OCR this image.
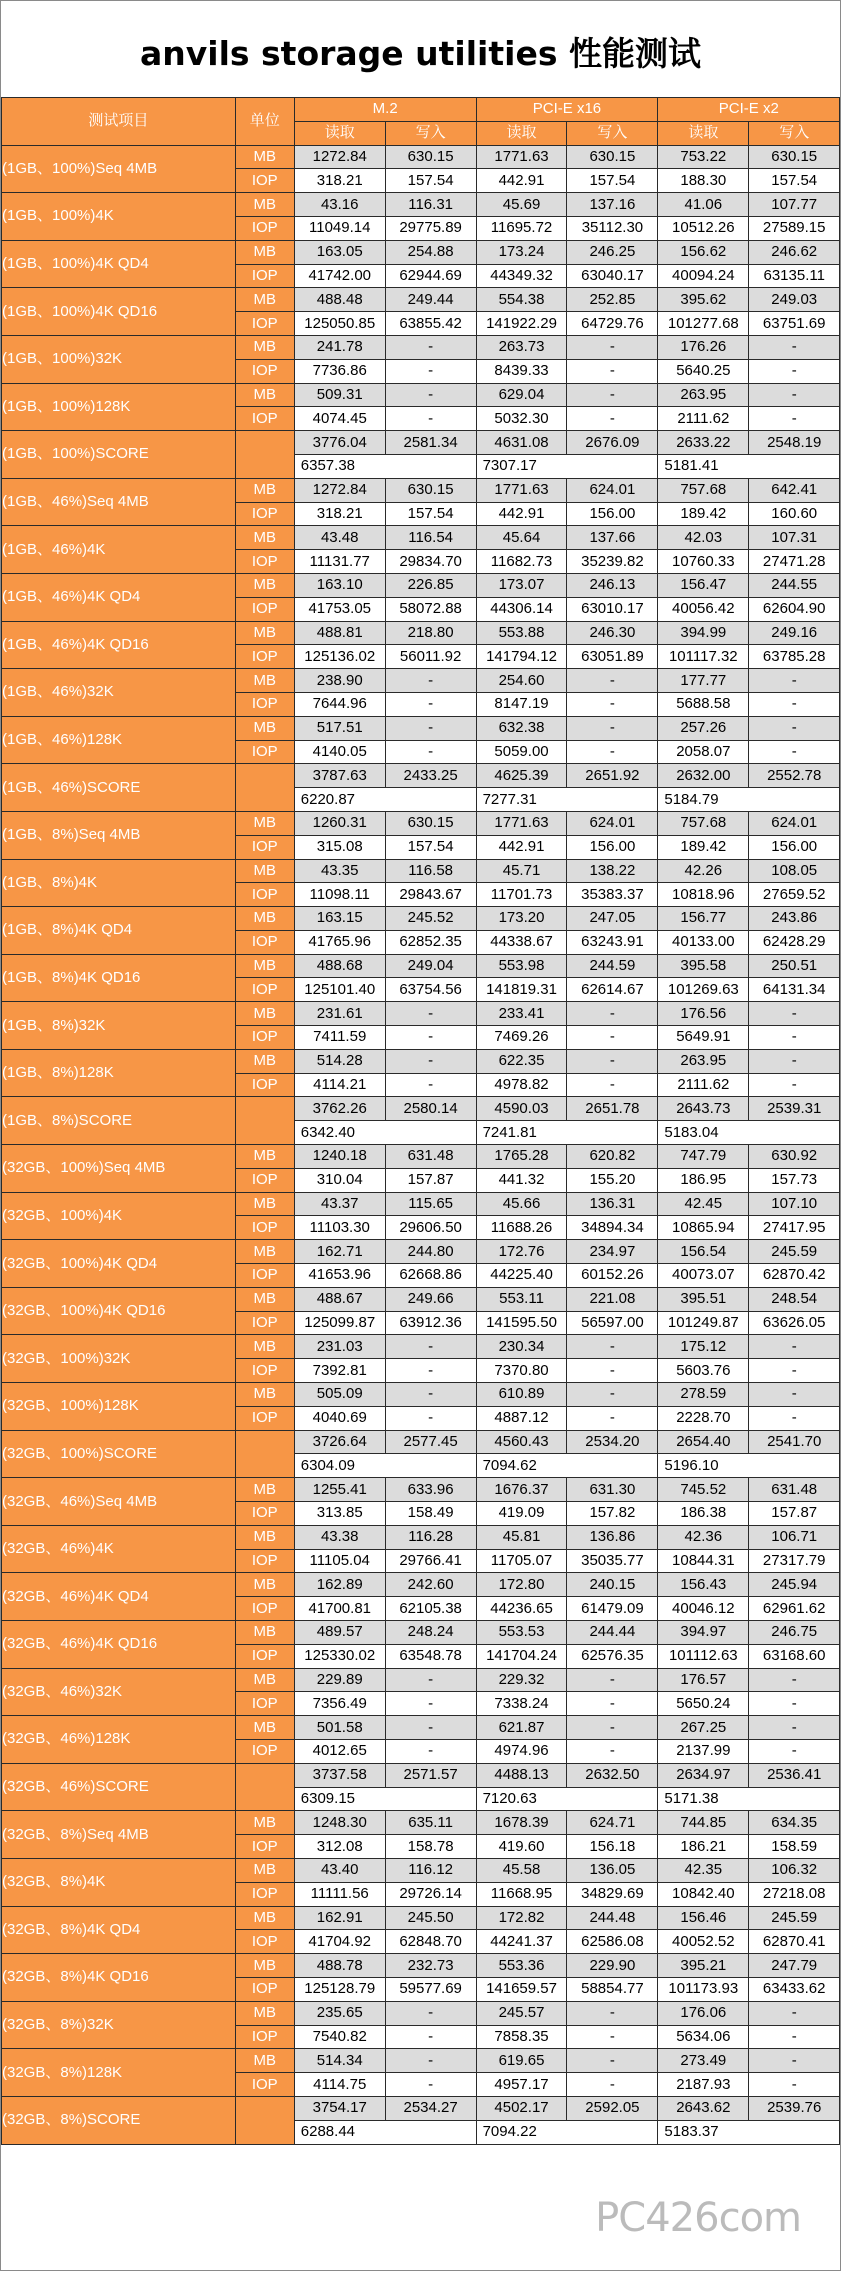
anvils storage utilities 性能测试
测试项目	单位	M.2		PCI-E x16		PCI-E x2	
		读取	写入	读取	写入	读取	写入
(1GB、100%)Seq 4MB	MB	1272.84	630.15	1771.63	630.15	753.22	630.15
	IOP	318.21	157.54	442.91	157.54	188.30	157.54
(1GB、100%)4K	MB	43.16	116.31	45.69	137.16	41.06	107.77
	IOP	11049.14	29775.89	11695.72	35112.30	10512.26	27589.15
(1GB、100%)4K QD4	MB	163.05	254.88	173.24	246.25	156.62	246.62
	IOP	41742.00	62944.69	44349.32	63040.17	40094.24	63135.11
(1GB、100%)4K QD16	MB	488.48	249.44	554.38	252.85	395.62	249.03
	IOP	125050.85	63855.42	141922.29	64729.76	101277.68	63751.69
(1GB、100%)32K	MB	241.78	-	263.73	-	176.26	-
	IOP	7736.86	-	8439.33	-	5640.25	-
(1GB、100%)128K	MB	509.31	-	629.04	-	263.95	-
	IOP	4074.45	-	5032.30	-	2111.62	-
(1GB、100%)SCORE		3776.04	2581.34	4631.08	2676.09	2633.22	2548.19
		6357.38		7307.17		5181.41	
(1GB、46%)Seq 4MB	MB	1272.84	630.15	1771.63	624.01	757.68	642.41
	IOP	318.21	157.54	442.91	156.00	189.42	160.60
(1GB、46%)4K	MB	43.48	116.54	45.64	137.66	42.03	107.31
	IOP	11131.77	29834.70	11682.73	35239.82	10760.33	27471.28
(1GB、46%)4K QD4	MB	163.10	226.85	173.07	246.13	156.47	244.55
	IOP	41753.05	58072.88	44306.14	63010.17	40056.42	62604.90
(1GB、46%)4K QD16	MB	488.81	218.80	553.88	246.30	394.99	249.16
	IOP	125136.02	56011.92	141794.12	63051.89	101117.32	63785.28
(1GB、46%)32K	MB	238.90	-	254.60	-	177.77	-
	IOP	7644.96	-	8147.19	-	5688.58	-
(1GB、46%)128K	MB	517.51	-	632.38	-	257.26	-
	IOP	4140.05	-	5059.00	-	2058.07	-
(1GB、46%)SCORE		3787.63	2433.25	4625.39	2651.92	2632.00	2552.78
		6220.87		7277.31		5184.79	
(1GB、8%)Seq 4MB	MB	1260.31	630.15	1771.63	624.01	757.68	624.01
	IOP	315.08	157.54	442.91	156.00	189.42	156.00
(1GB、8%)4K	MB	43.35	116.58	45.71	138.22	42.26	108.05
	IOP	11098.11	29843.67	11701.73	35383.37	10818.96	27659.52
(1GB、8%)4K QD4	MB	163.15	245.52	173.20	247.05	156.77	243.86
	IOP	41765.96	62852.35	44338.67	63243.91	40133.00	62428.29
(1GB、8%)4K QD16	MB	488.68	249.04	553.98	244.59	395.58	250.51
	IOP	125101.40	63754.56	141819.31	62614.67	101269.63	64131.34
(1GB、8%)32K	MB	231.61	-	233.41	-	176.56	-
	IOP	7411.59	-	7469.26	-	5649.91	-
(1GB、8%)128K	MB	514.28	-	622.35	-	263.95	-
	IOP	4114.21	-	4978.82	-	2111.62	-
(1GB、8%)SCORE		3762.26	2580.14	4590.03	2651.78	2643.73	2539.31
		6342.40		7241.81		5183.04	
(32GB、100%)Seq 4MB	MB	1240.18	631.48	1765.28	620.82	747.79	630.92
	IOP	310.04	157.87	441.32	155.20	186.95	157.73
(32GB、100%)4K	MB	43.37	115.65	45.66	136.31	42.45	107.10
	IOP	11103.30	29606.50	11688.26	34894.34	10865.94	27417.95
(32GB、100%)4K QD4	MB	162.71	244.80	172.76	234.97	156.54	245.59
	IOP	41653.96	62668.86	44225.40	60152.26	40073.07	62870.42
(32GB、100%)4K QD16	MB	488.67	249.66	553.11	221.08	395.51	248.54
	IOP	125099.87	63912.36	141595.50	56597.00	101249.87	63626.05
(32GB、100%)32K	MB	231.03	-	230.34	-	175.12	-
	IOP	7392.81	-	7370.80	-	5603.76	-
(32GB、100%)128K	MB	505.09	-	610.89	-	278.59	-
	IOP	4040.69	-	4887.12	-	2228.70	-
(32GB、100%)SCORE		3726.64	2577.45	4560.43	2534.20	2654.40	2541.70
		6304.09		7094.62		5196.10	
(32GB、46%)Seq 4MB	MB	1255.41	633.96	1676.37	631.30	745.52	631.48
	IOP	313.85	158.49	419.09	157.82	186.38	157.87
(32GB、46%)4K	MB	43.38	116.28	45.81	136.86	42.36	106.71
	IOP	11105.04	29766.41	11705.07	35035.77	10844.31	27317.79
(32GB、46%)4K QD4	MB	162.89	242.60	172.80	240.15	156.43	245.94
	IOP	41700.81	62105.38	44236.65	61479.09	40046.12	62961.62
(32GB、46%)4K QD16	MB	489.57	248.24	553.53	244.44	394.97	246.75
	IOP	125330.02	63548.78	141704.24	62576.35	101112.63	63168.60
(32GB、46%)32K	MB	229.89	-	229.32	-	176.57	-
	IOP	7356.49	-	7338.24	-	5650.24	-
(32GB、46%)128K	MB	501.58	-	621.87	-	267.25	-
	IOP	4012.65	-	4974.96	-	2137.99	-
(32GB、46%)SCORE		3737.58	2571.57	4488.13	2632.50	2634.97	2536.41
		6309.15		7120.63		5171.38	
(32GB、8%)Seq 4MB	MB	1248.30	635.11	1678.39	624.71	744.85	634.35
	IOP	312.08	158.78	419.60	156.18	186.21	158.59
(32GB、8%)4K	MB	43.40	116.12	45.58	136.05	42.35	106.32
	IOP	11111.56	29726.14	11668.95	34829.69	10842.40	27218.08
(32GB、8%)4K QD4	MB	162.91	245.50	172.82	244.48	156.46	245.59
	IOP	41704.92	62848.70	44241.37	62586.08	40052.52	62870.41
(32GB、8%)4K QD16	MB	488.78	232.73	553.36	229.90	395.21	247.79
	IOP	125128.79	59577.69	141659.57	58854.77	101173.93	63433.62
(32GB、8%)32K	MB	235.65	-	245.57	-	176.06	-
	IOP	7540.82	-	7858.35	-	5634.06	-
(32GB、8%)128K	MB	514.34	-	619.65	-	273.49	-
	IOP	4114.75	-	4957.17	-	2187.93	-
(32GB、8%)SCORE		3754.17	2534.27	4502.17	2592.05	2643.62	2539.76
		6288.44		7094.22		5183.37	
PC426com
